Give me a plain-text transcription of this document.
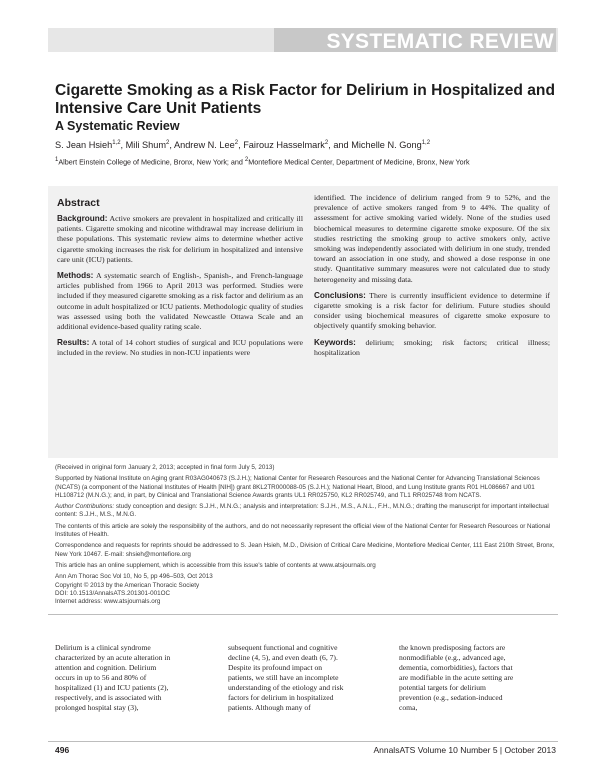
SYSTEMATIC REVIEW
Cigarette Smoking as a Risk Factor for Delirium in Hospitalized and Intensive Care Unit Patients
A Systematic Review
S. Jean Hsieh$^{1,2}$, Mili Shum$^2$, Andrew N. Lee$^2$, Fairouz Hasselmark$^2$, and Michelle N. Gong$^{1,2}$
$^1$Albert Einstein College of Medicine, Bronx, New York; and $^2$Montefiore Medical Center, Department of Medicine, Bronx, New York
Abstract

Background: Active smokers are prevalent in hospitalized and critically ill patients. Cigarette smoking and nicotine withdrawal may increase delirium in these populations. This systematic review aims to determine whether active cigarette smoking increases the risk for delirium in hospitalized and intensive care unit (ICU) patients.

Methods: A systematic search of English-, Spanish-, and French-language articles published from 1966 to April 2013 was performed. Studies were included if they measured cigarette smoking as a risk factor and delirium as an outcome in adult hospitalized or ICU patients. Methodologic quality of studies was assessed using both the validated Newcastle Ottawa Scale and an additional evidence-based quality rating scale.

Results: A total of 14 cohort studies of surgical and ICU populations were included in the review. No studies in non-ICU inpatients were

identified. The incidence of delirium ranged from 9 to 52%, and the prevalence of active smokers ranged from 9 to 44%. The quality of assessment for active smoking varied widely. None of the studies used biochemical measures to determine cigarette smoke exposure. Of the six studies restricting the smoking group to active smokers only, active smoking was independently associated with delirium in one study, trended toward an association in one study, and showed a dose response in one study. Quantitative summary measures were not calculated due to study heterogeneity and missing data.

Conclusions: There is currently insufficient evidence to determine if cigarette smoking is a risk factor for delirium. Future studies should consider using biochemical measures of cigarette smoke exposure to objectively quantify smoking behavior.

Keywords: delirium; smoking; risk factors; critical illness; hospitalization

(Received in original form January 2, 2013; accepted in final form July 5, 2013)

Supported by National Institute on Aging grant R03AG040673 (S.J.H.); National Center for Research Resources and the National Center for Advancing Translational Sciences (NCATS) (a component of the National Institutes of Health [NIH]) grant 8KL2TR000088-05 (S.J.H.); National Heart, Blood, and Lung Institute grants R01 HL086667 and U01 HL108712 (M.N.G.); and, in part, by Clinical and Translational Science Awards grants UL1 RR025750, KL2 RR025749, and TL1 RR025748 from NCATS.

Author Contributions: study conception and design: S.J.H., M.N.G.; analysis and interpretation: S.J.H., M.S., A.N.L., F.H., M.N.G.; drafting the manuscript for important intellectual content: S.J.H., M.S., M.N.G.

The contents of this article are solely the responsibility of the authors, and do not necessarily represent the official view of the National Center for Research Resources or National Institutes of Health.

Correspondence and requests for reprints should be addressed to S. Jean Hsieh, M.D., Division of Critical Care Medicine, Montefiore Medical Center, 111 East 210th Street, Bronx, New York 10467. E-mail: shsieh@montefiore.org

This article has an online supplement, which is accessible from this issue's table of contents at www.atsjournals.org

Ann Am Thorac Soc Vol 10, No 5, pp 496–503, Oct 2013

Copyright © 2013 by the American Thoracic Society

DOI: 10.1513/AnnalsATS.201301-001OC

Internet address: www.atsjournals.org

Delirium is a clinical syndrome characterized by an acute alteration in attention and cognition. Delirium occurs in up to 56 and 80% of hospitalized (1) and ICU patients (2), respectively, and is associated with prolonged hospital stay (3),

subsequent functional and cognitive decline (4, 5), and even death (6, 7). Despite its profound impact on patients, we still have an incomplete understanding of the etiology and risk factors for delirium in hospitalized patients. Although many of

the known predisposing factors are nonmodifiable (e.g., advanced age, dementia, comorbidities), factors that are modifiable in the acute setting are potential targets for delirium prevention (e.g., sedation-induced coma,

496	AnnalsATS Volume 10 Number 5 | October 2013
